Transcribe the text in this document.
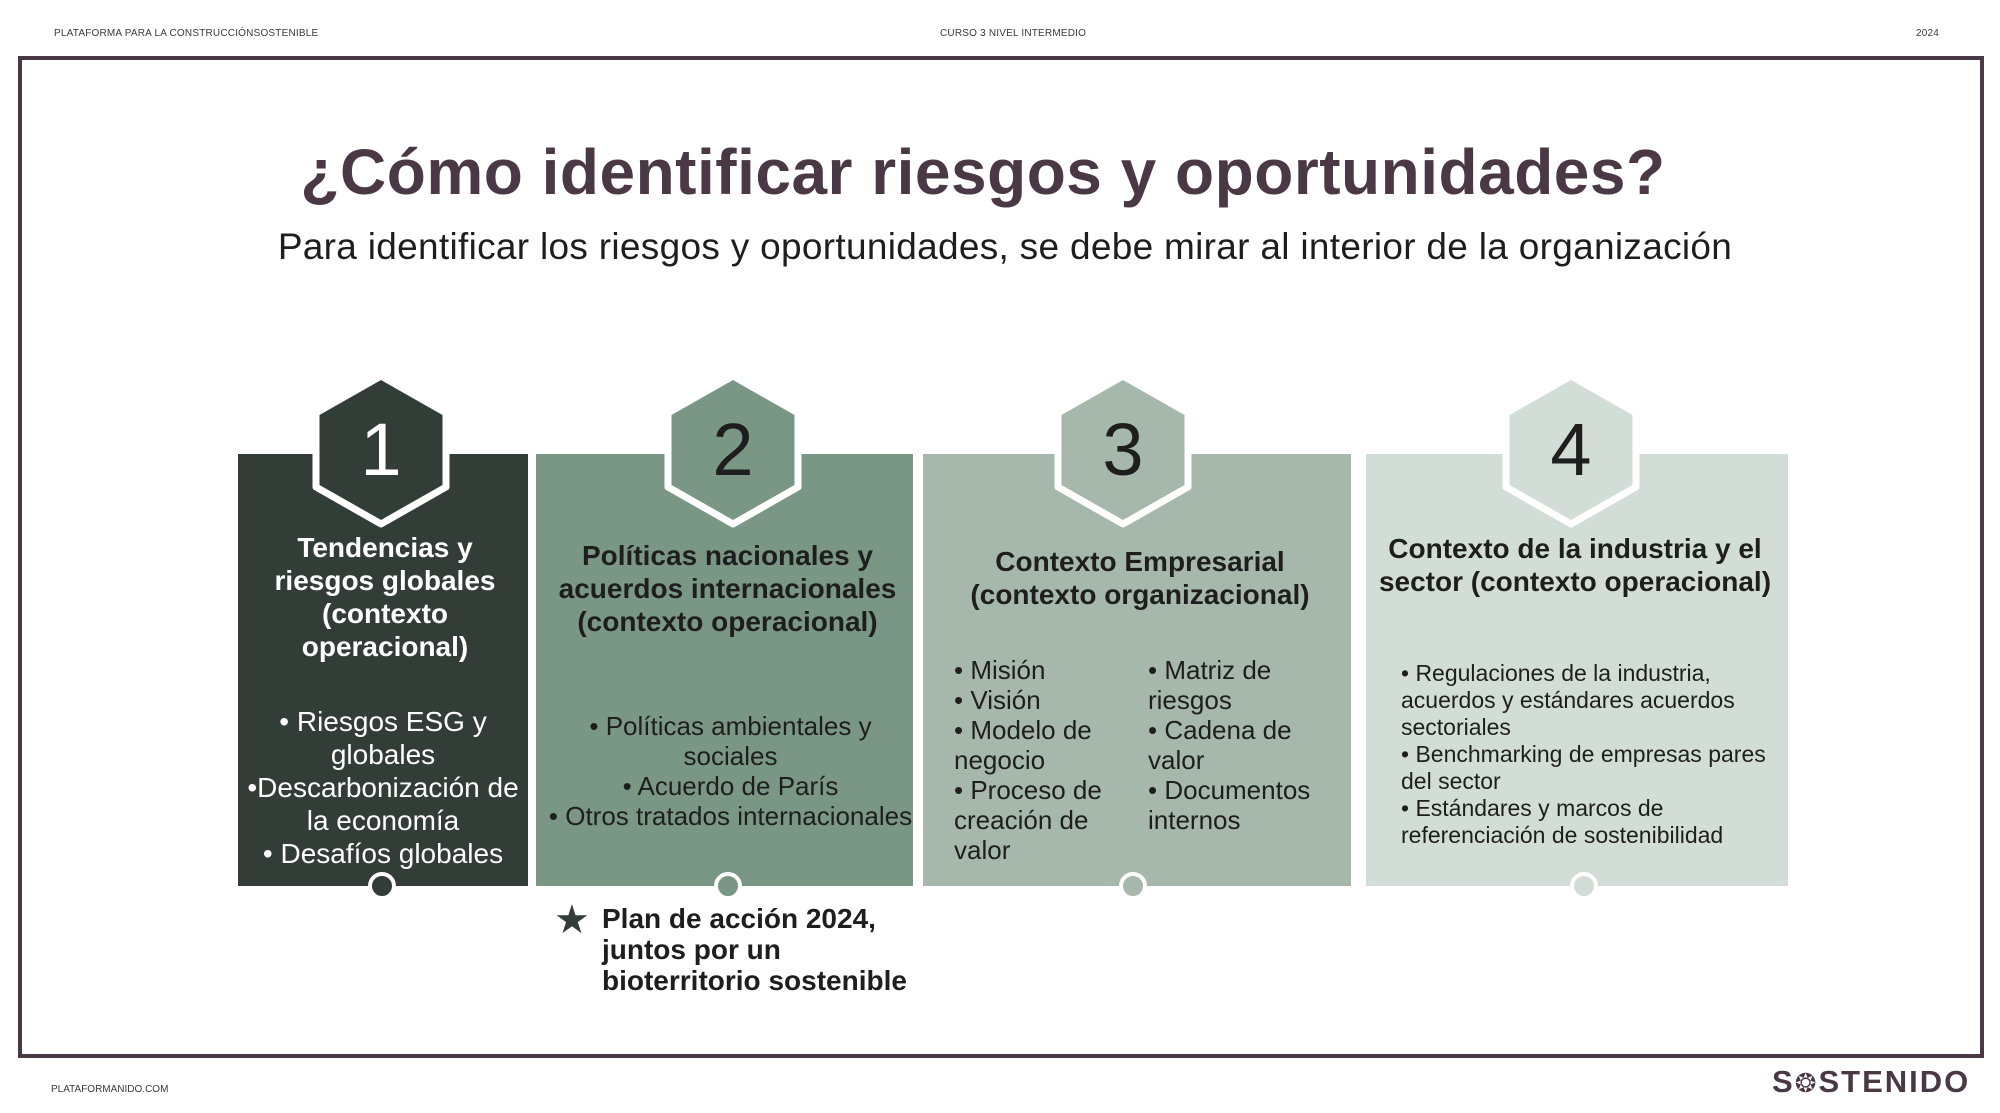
PLATAFORMA PARA LA CONSTRUCCIÓNSOSTENIBLE	CURSO 3 NIVEL INTERMEDIO	2024
¿Cómo identificar riesgos y oportunidades?
Para identificar los riesgos y oportunidades, se debe mirar al interior de la organización
1	2	3	4
Tendencias y riesgos globales (contexto operacional)
Políticas nacionales y acuerdos internacionales (contexto operacional)
Contexto Empresarial (contexto organizacional)
Contexto de la industria y el sector (contexto operacional)
• Riesgos ESG y globales
•Descarbonización de la economía
• Desafíos globales
• Políticas ambientales y sociales
• Acuerdo de París
• Otros tratados internacionales
• Misión
• Visión
• Modelo de negocio
• Proceso de creación de valor
• Matriz de riesgos
• Cadena de valor
• Documentos internos
• Regulaciones de la industria, acuerdos y estándares acuerdos sectoriales
• Benchmarking de empresas pares del sector
• Estándares y marcos de referenciación de sostenibilidad
★ Plan de acción 2024, juntos por un bioterritorio sostenible
PLATAFORMANIDO.COM	S❂STENIDO
